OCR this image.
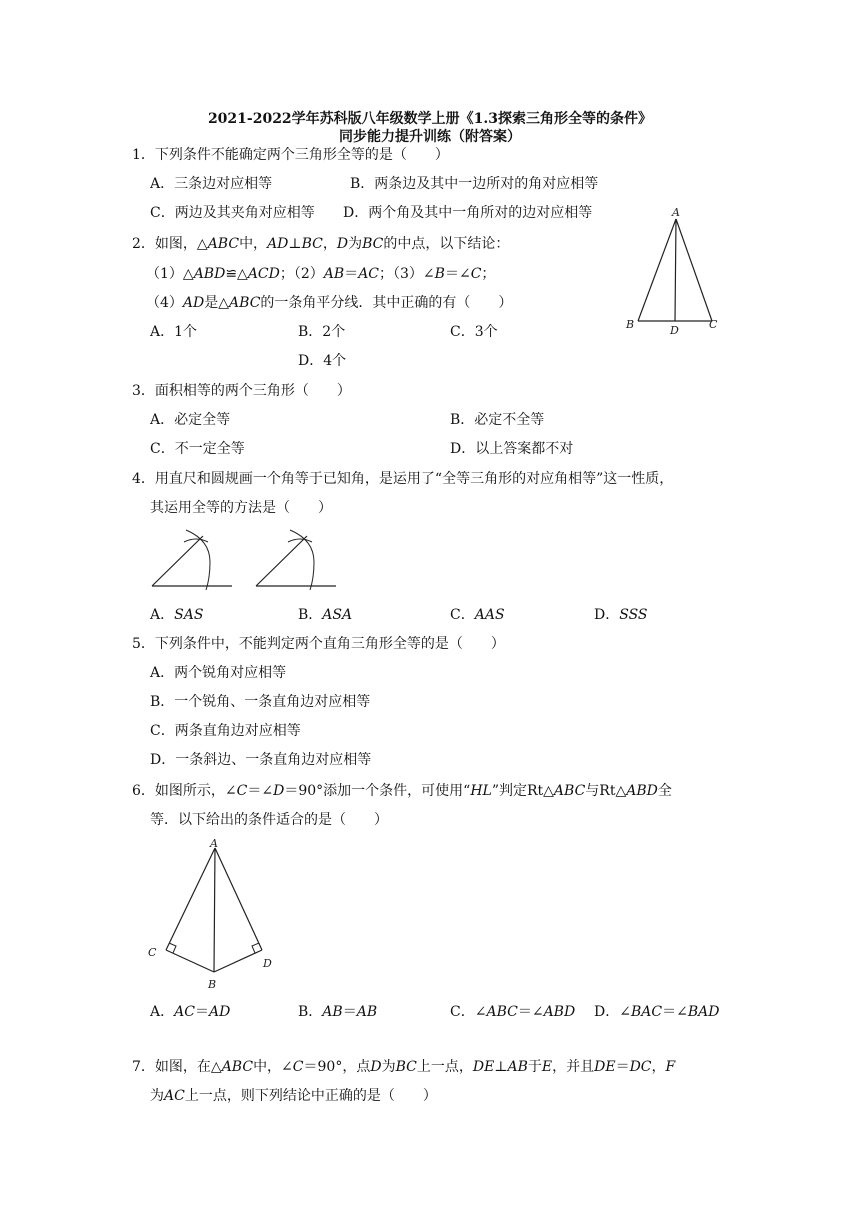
2021-2022学年苏科版八年级数学上册《1.3探索三角形全等的条件》
同步能力提升训练（附答案）
1．下列条件不能确定两个三角形全等的是（　　）
A．三条边对应相等	B．两条边及其中一边所对的角对应相等
C．两边及其夹角对应相等 D．两个角及其中一角所对的边对应相等
2．如图，△ABC中，AD⊥BC，D为BC的中点，以下结论：
（1）△ABD≌△ACD；（2）AB＝AC；（3）∠B＝∠C；
（4）AD是△ABC的一条角平分线．其中正确的有（　　）
A．1个	B．2个	C．3个
D．4个
A
B	D	C
3．面积相等的两个三角形（　　）
A．必定全等	B．必定不全等
C．不一定全等	D．以上答案都不对
4．用直尺和圆规画一个角等于已知角，是运用了“全等三角形的对应角相等”这一性质，
其运用全等的方法是（　　）
A．SAS	B．ASA	C．AAS	D．SSS
5．下列条件中，不能判定两个直角三角形全等的是（　　）
A．两个锐角对应相等
B．一个锐角、一条直角边对应相等
C．两条直角边对应相等
D．一条斜边、一条直角边对应相等
6．如图所示，∠C＝∠D＝90°添加一个条件，可使用“HL”判定Rt△ABC与Rt△ABD全
等．以下给出的条件适合的是（　　）
A
C
D
B
A．AC＝AD	B．AB＝AB	C．∠ABC＝∠ABD D．∠BAC＝∠BAD
7．如图，在△ABC中，∠C＝90°，点D为BC上一点，DE⊥AB于E，并且DE＝DC，F
为AC上一点，则下列结论中正确的是（　　）
